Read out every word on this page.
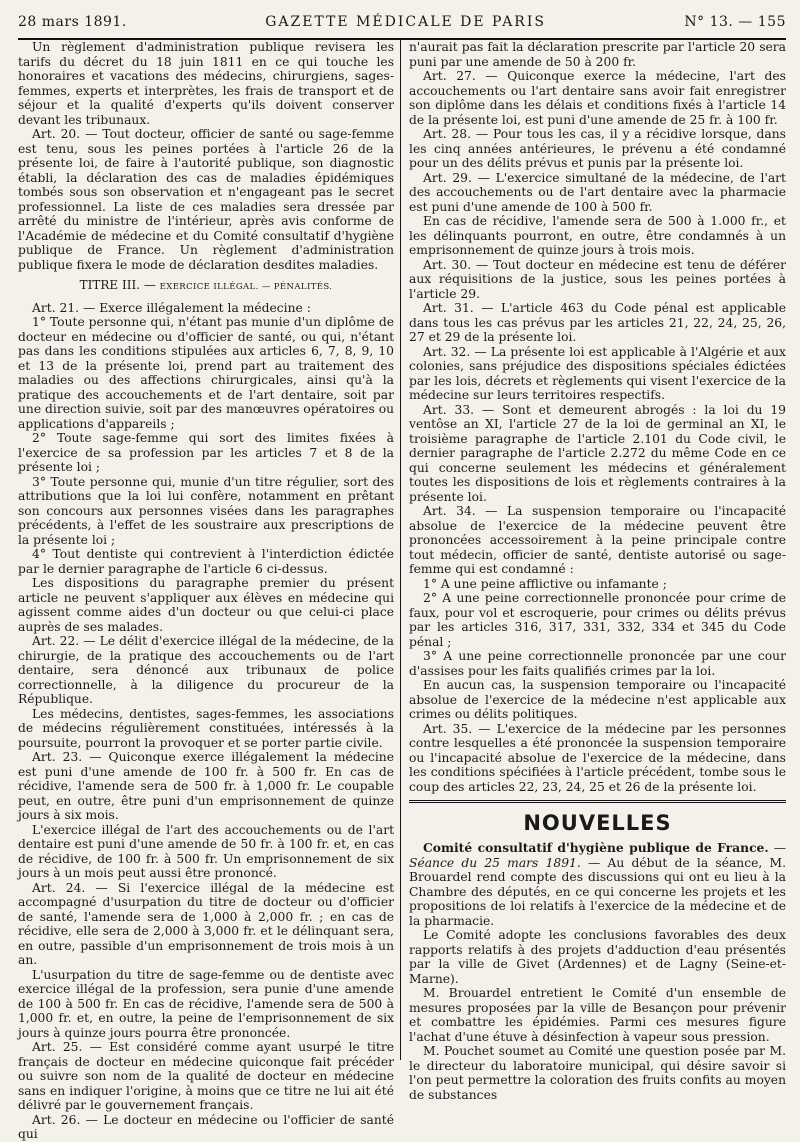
28 mars 1891.	GAZETTE MÉDICALE DE PARIS	N° 13. — 155

Un règlement d'administration publique revisera les tarifs du décret du 18 juin 1811 en ce qui touche les honoraires et vacations des médecins, chirurgiens, sages-femmes, experts et interprètes, les frais de transport et de séjour et la qualité d'experts qu'ils doivent conserver devant les tribunaux.

Art. 20. — Tout docteur, officier de santé ou sage-femme est tenu, sous les peines portées à l'article 26 de la présente loi, de faire à l'autorité publique, son diagnostic établi, la déclaration des cas de maladies épidémiques tombés sous son observation et n'engageant pas le secret professionnel. La liste de ces maladies sera dressée par arrêté du ministre de l'intérieur, après avis conforme de l'Académie de médecine et du Comité consultatif d'hygiène publique de France. Un règlement d'administration publique fixera le mode de déclaration desdites maladies.

TITRE III. — EXERCICE ILLÉGAL. — PÉNALITÉS.

Art. 21. — Exerce illégalement la médecine :

1° Toute personne qui, n'étant pas munie d'un diplôme de docteur en médecine ou d'officier de santé, ou qui, n'étant pas dans les conditions stipulées aux articles 6, 7, 8, 9, 10 et 13 de la présente loi, prend part au traitement des maladies ou des affections chirurgicales, ainsi qu'à la pratique des accouchements et de l'art dentaire, soit par une direction suivie, soit par des manœuvres opératoires ou applications d'appareils ;

2° Toute sage-femme qui sort des limites fixées à l'exercice de sa profession par les articles 7 et 8 de la présente loi ;

3° Toute personne qui, munie d'un titre régulier, sort des attributions que la loi lui confère, notamment en prêtant son concours aux personnes visées dans les paragraphes précédents, à l'effet de les soustraire aux prescriptions de la présente loi ;

4° Tout dentiste qui contrevient à l'interdiction édictée par le dernier paragraphe de l'article 6 ci-dessus.

Les dispositions du paragraphe premier du présent article ne peuvent s'appliquer aux élèves en médecine qui agissent comme aides d'un docteur ou que celui-ci place auprès de ses malades.

Art. 22. — Le délit d'exercice illégal de la médecine, de la chirurgie, de la pratique des accouchements ou de l'art dentaire, sera dénoncé aux tribunaux de police correctionnelle, à la diligence du procureur de la République.

Les médecins, dentistes, sages-femmes, les associations de médecins régulièrement constituées, intéressés à la poursuite, pourront la provoquer et se porter partie civile.

Art. 23. — Quiconque exerce illégalement la médecine est puni d'une amende de 100 fr. à 500 fr. En cas de récidive, l'amende sera de 500 fr. à 1,000 fr. Le coupable peut, en outre, être puni d'un emprisonnement de quinze jours à six mois.

L'exercice illégal de l'art des accouchements ou de l'art dentaire est puni d'une amende de 50 fr. à 100 fr. et, en cas de récidive, de 100 fr. à 500 fr. Un emprisonnement de six jours à un mois peut aussi être prononcé.

Art. 24. — Si l'exercice illégal de la médecine est accompagné d'usurpation du titre de docteur ou d'officier de santé, l'amende sera de 1,000 à 2,000 fr. ; en cas de récidive, elle sera de 2,000 à 3,000 fr. et le délinquant sera, en outre, passible d'un emprisonnement de trois mois à un an.

L'usurpation du titre de sage-femme ou de dentiste avec exercice illégal de la profession, sera punie d'une amende de 100 à 500 fr. En cas de récidive, l'amende sera de 500 à 1,000 fr. et, en outre, la peine de l'emprisonnement de six jours à quinze jours pourra être prononcée.

Art. 25. — Est considéré comme ayant usurpé le titre français de docteur en médecine quiconque fait précéder ou suivre son nom de la qualité de docteur en médecine sans en indiquer l'origine, à moins que ce titre ne lui ait été délivré par le gouvernement français.

Art. 26. — Le docteur en médecine ou l'officier de santé qui

n'aurait pas fait la déclaration prescrite par l'article 20 sera puni par une amende de 50 à 200 fr.

Art. 27. — Quiconque exerce la médecine, l'art des accouchements ou l'art dentaire sans avoir fait enregistrer son diplôme dans les délais et conditions fixés à l'article 14 de la présente loi, est puni d'une amende de 25 fr. à 100 fr.

Art. 28. — Pour tous les cas, il y a récidive lorsque, dans les cinq années antérieures, le prévenu a été condamné pour un des délits prévus et punis par la présente loi.

Art. 29. — L'exercice simultané de la médecine, de l'art des accouchements ou de l'art dentaire avec la pharmacie est puni d'une amende de 100 à 500 fr.

En cas de récidive, l'amende sera de 500 à 1.000 fr., et les délinquants pourront, en outre, être condamnés à un emprisonnement de quinze jours à trois mois.

Art. 30. — Tout docteur en médecine est tenu de déférer aux réquisitions de la justice, sous les peines portées à l'article 29.

Art. 31. — L'article 463 du Code pénal est applicable dans tous les cas prévus par les articles 21, 22, 24, 25, 26, 27 et 29 de la présente loi.

Art. 32. — La présente loi est applicable à l'Algérie et aux colonies, sans préjudice des dispositions spéciales édictées par les lois, décrets et règlements qui visent l'exercice de la médecine sur leurs territoires respectifs.

Art. 33. — Sont et demeurent abrogés : la loi du 19 ventôse an XI, l'article 27 de la loi de germinal an XI, le troisième paragraphe de l'article 2.101 du Code civil, le dernier paragraphe de l'article 2.272 du même Code en ce qui concerne seulement les médecins et généralement toutes les dispositions de lois et règlements contraires à la présente loi.

Art. 34. — La suspension temporaire ou l'incapacité absolue de l'exercice de la médecine peuvent être prononcées accessoirement à la peine principale contre tout médecin, officier de santé, dentiste autorisé ou sage-femme qui est condamné :

1° A une peine afflictive ou infamante ;

2° A une peine correctionnelle prononcée pour crime de faux, pour vol et escroquerie, pour crimes ou délits prévus par les articles 316, 317, 331, 332, 334 et 345 du Code pénal ;

3° A une peine correctionnelle prononcée par une cour d'assises pour les faits qualifiés crimes par la loi.

En aucun cas, la suspension temporaire ou l'incapacité absolue de l'exercice de la médecine n'est applicable aux crimes ou délits politiques.

Art. 35. — L'exercice de la médecine par les personnes contre lesquelles a été prononcée la suspension temporaire ou l'incapacité absolue de l'exercice de la médecine, dans les conditions spécifiées à l'article précédent, tombe sous le coup des articles 22, 23, 24, 25 et 26 de la présente loi.

NOUVELLES

Comité consultatif d'hygiène publique de France. — Séance du 25 mars 1891. — Au début de la séance, M. Brouardel rend compte des discussions qui ont eu lieu à la Chambre des députés, en ce qui concerne les projets et les propositions de loi relatifs à l'exercice de la médecine et de la pharmacie.

Le Comité adopte les conclusions favorables des deux rapports relatifs à des projets d'adduction d'eau présentés par la ville de Givet (Ardennes) et de Lagny (Seine-et-Marne).

M. Brouardel entretient le Comité d'un ensemble de mesures proposées par la ville de Besançon pour prévenir et combattre les épidémies. Parmi ces mesures figure l'achat d'une étuve à désinfection à vapeur sous pression.

M. Pouchet soumet au Comité une question posée par M. le directeur du laboratoire municipal, qui désire savoir si l'on peut permettre la coloration des fruits confits au moyen de substances
